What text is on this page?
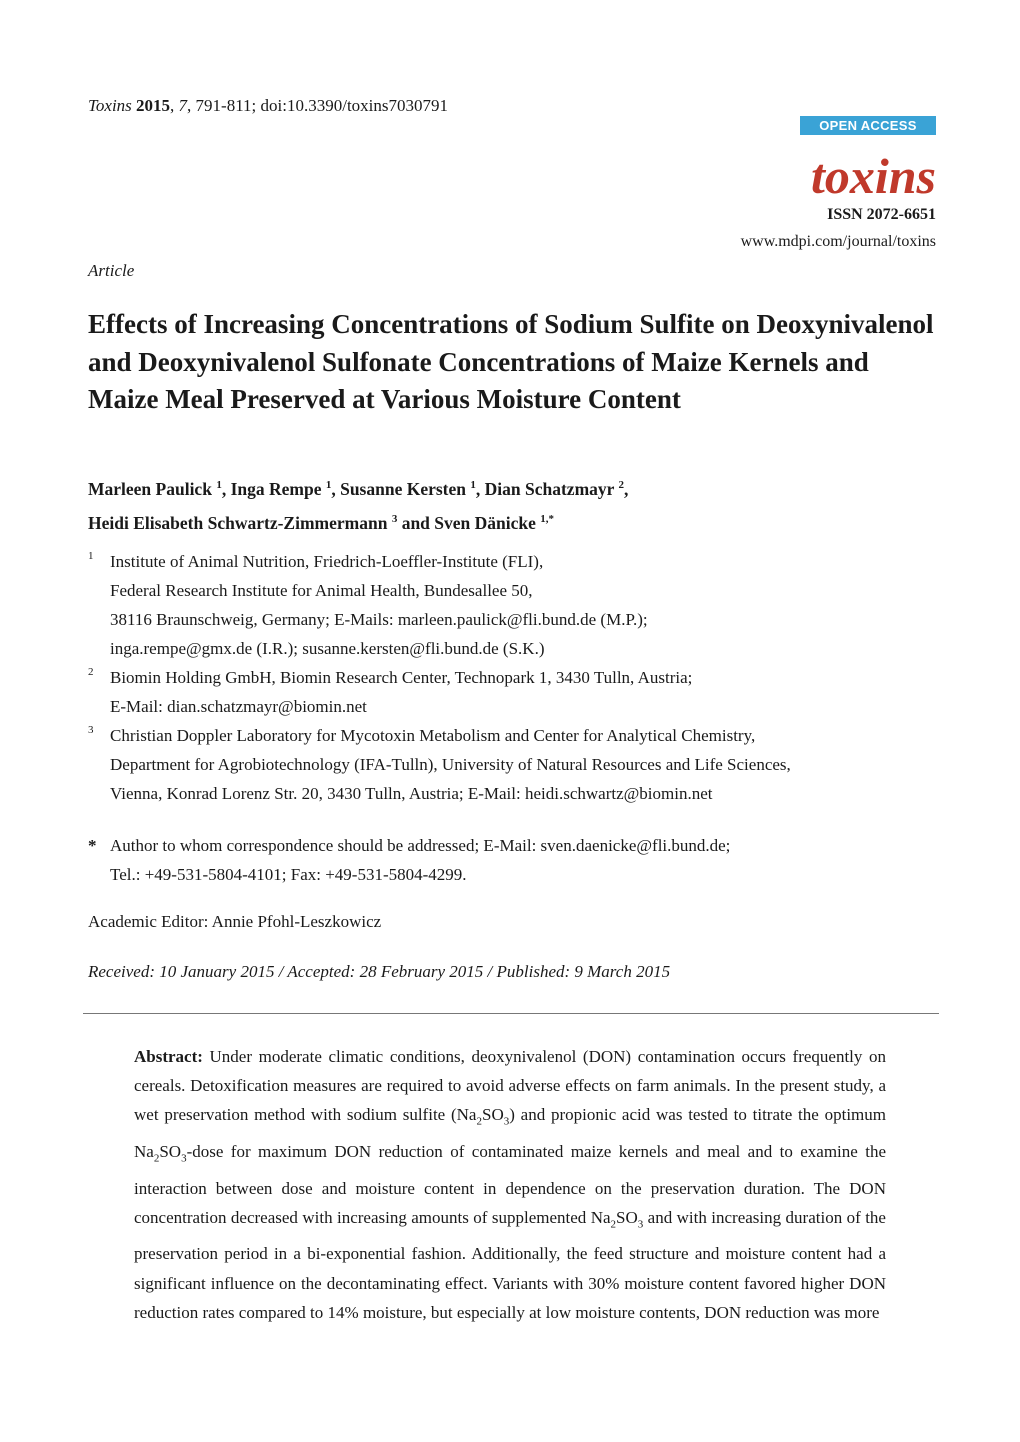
Toxins 2015, 7, 791-811; doi:10.3390/toxins7030791
OPEN ACCESS
toxins
ISSN 2072-6651
www.mdpi.com/journal/toxins
Article
Effects of Increasing Concentrations of Sodium Sulfite on Deoxynivalenol and Deoxynivalenol Sulfonate Concentrations of Maize Kernels and Maize Meal Preserved at Various Moisture Content
Marleen Paulick $^1$, Inga Rempe $^1$, Susanne Kersten $^1$, Dian Schatzmayr $^2$,
Heidi Elisabeth Schwartz-Zimmermann $^3$ and Sven Dänicke $^{1,*}$
1 Institute of Animal Nutrition, Friedrich-Loeffler-Institute (FLI),
Federal Research Institute for Animal Health, Bundesallee 50,
38116 Braunschweig, Germany; E-Mails: marleen.paulick@fli.bund.de (M.P.);
inga.rempe@gmx.de (I.R.); susanne.kersten@fli.bund.de (S.K.)
2 Biomin Holding GmbH, Biomin Research Center, Technopark 1, 3430 Tulln, Austria;
E-Mail: dian.schatzmayr@biomin.net
3 Christian Doppler Laboratory for Mycotoxin Metabolism and Center for Analytical Chemistry,
Department for Agrobiotechnology (IFA-Tulln), University of Natural Resources and Life Sciences,
Vienna, Konrad Lorenz Str. 20, 3430 Tulln, Austria; E-Mail: heidi.schwartz@biomin.net
* Author to whom correspondence should be addressed; E-Mail: sven.daenicke@fli.bund.de;
Tel.: +49-531-5804-4101; Fax: +49-531-5804-4299.
Academic Editor: Annie Pfohl-Leszkowicz
Received: 10 January 2015 / Accepted: 28 February 2015 / Published: 9 March 2015
Abstract: Under moderate climatic conditions, deoxynivalenol (DON) contamination occurs frequently on cereals. Detoxification measures are required to avoid adverse effects on farm animals. In the present study, a wet preservation method with sodium sulfite $(Na_2SO_3)$ and propionic acid was tested to titrate the optimum $Na_2SO_3$-dose for maximum DON reduction of contaminated maize kernels and meal and to examine the interaction between dose and moisture content in dependence on the preservation duration. The DON concentration decreased with increasing amounts of supplemented $Na_2SO_3$ and with increasing duration of the preservation period in a bi-exponential fashion. Additionally, the feed structure and moisture content had a significant influence on the decontaminating effect. Variants with 30% moisture content favored higher DON reduction rates compared to 14% moisture, but especially at low moisture contents, DON reduction was more
